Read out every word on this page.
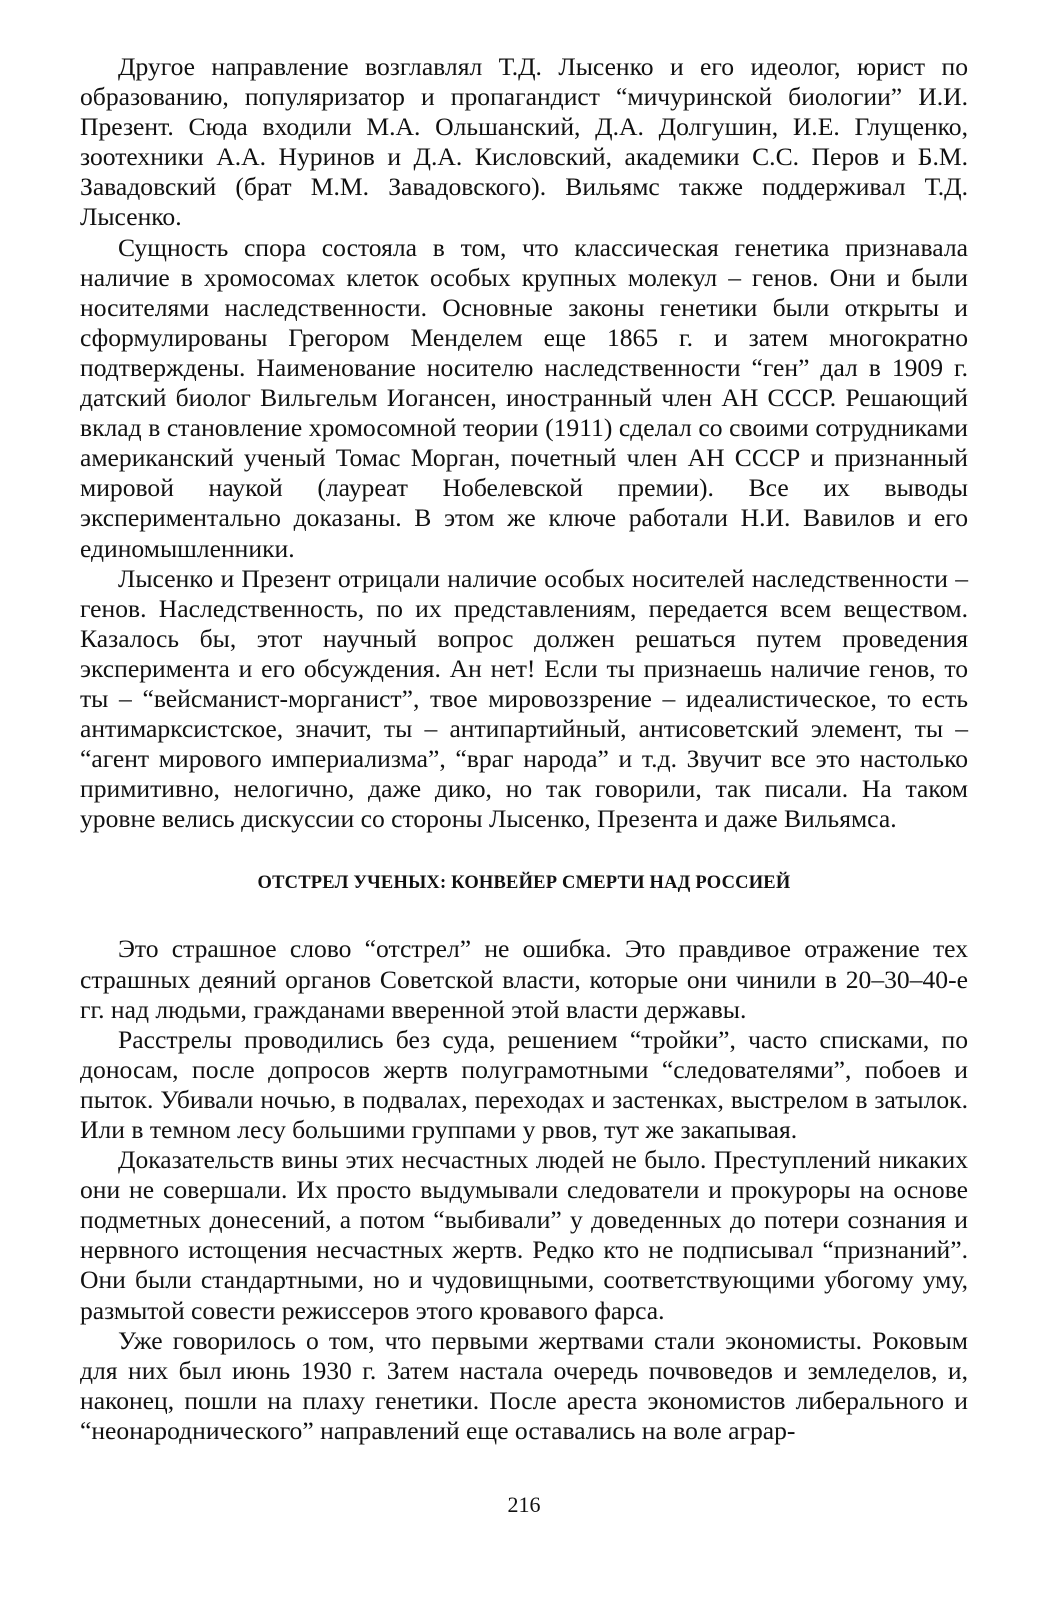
Другое направление возглавлял Т.Д. Лысенко и его идеолог, юрист по образованию, популяризатор и пропагандист “мичуринской биологии” И.И. Презент. Сюда входили М.А. Ольшанский, Д.А. Долгушин, И.Е. Глущенко, зоотехники А.А. Нуринов и Д.А. Кисловский, академики С.С. Перов и Б.М. Завадовский (брат М.М. Завадовского). Вильямс также поддерживал Т.Д. Лысенко.

Сущность спора состояла в том, что классическая генетика признавала наличие в хромосомах клеток особых крупных молекул – генов. Они и были носителями наследственности. Основные законы генетики были открыты и сформулированы Грегором Менделем еще 1865 г. и затем многократно подтверждены. Наименование носителю наследственности “ген” дал в 1909 г. датский биолог Вильгельм Иогансен, иностранный член АН СССР. Решающий вклад в становление хромосомной теории (1911) сделал со своими сотрудниками американский ученый Томас Морган, почетный член АН СССР и признанный мировой наукой (лауреат Нобелевской премии). Все их выводы экспериментально доказаны. В этом же ключе работали Н.И. Вавилов и его единомышленники.

Лысенко и Презент отрицали наличие особых носителей наследственности – генов. Наследственность, по их представлениям, передается всем веществом. Казалось бы, этот научный вопрос должен решаться путем проведения эксперимента и его обсуждения. Ан нет! Если ты признаешь наличие генов, то ты – “вейсманист-морганист”, твое мировоззрение – идеалистическое, то есть антимарксистское, значит, ты – антипартийный, антисоветский элемент, ты – “агент мирового империализма”, “враг народа” и т.д. Звучит все это настолько примитивно, нелогично, даже дико, но так говорили, так писали. На таком уровне велись дискуссии со стороны Лысенко, Презента и даже Вильямса.

ОТСТРЕЛ УЧЕНЫХ: КОНВЕЙЕР СМЕРТИ НАД РОССИЕЙ

Это страшное слово “отстрел” не ошибка. Это правдивое отражение тех страшных деяний органов Советской власти, которые они чинили в 20–30–40-е гг. над людьми, гражданами вверенной этой власти державы.

Расстрелы проводились без суда, решением “тройки”, часто списками, по доносам, после допросов жертв полуграмотными “следователями”, побоев и пыток. Убивали ночью, в подвалах, переходах и застенках, выстрелом в затылок. Или в темном лесу большими группами у рвов, тут же закапывая.

Доказательств вины этих несчастных людей не было. Преступлений никаких они не совершали. Их просто выдумывали следователи и прокуроры на основе подметных донесений, а потом “выбивали” у доведенных до потери сознания и нервного истощения несчастных жертв. Редко кто не подписывал “признаний”. Они были стандартными, но и чудовищными, соответствующими убогому уму, размытой совести режиссеров этого кровавого фарса.

Уже говорилось о том, что первыми жертвами стали экономисты. Роковым для них был июнь 1930 г. Затем настала очередь почвоведов и земледелов, и, наконец, пошли на плаху генетики. После ареста экономистов либерального и “неонароднического” направлений еще оставались на воле аграр-

216
